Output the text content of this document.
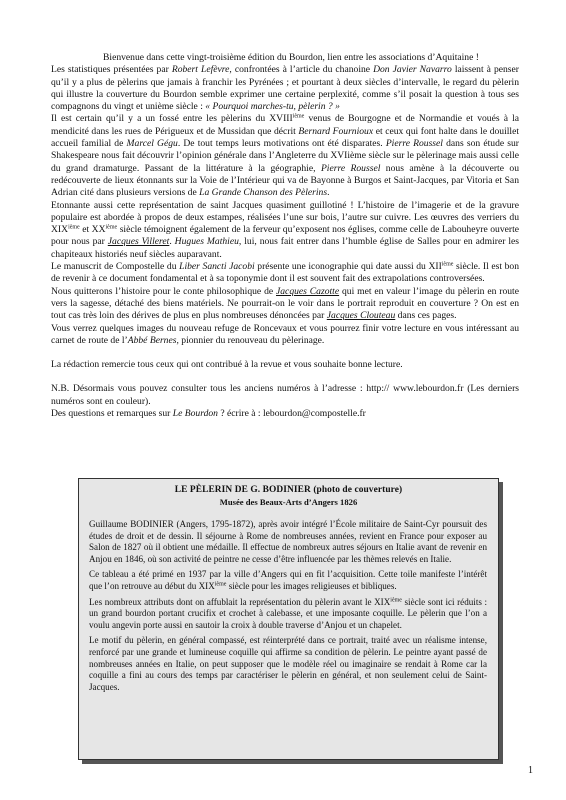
Bienvenue dans cette vingt-troisième édition du Bourdon, lien entre les associations d’Aquitaine !

Les statistiques présentées par Robert Lefèvre, confrontées à l’article du chanoine Don Javier Navarro laissent à penser qu’il y a plus de pèlerins que jamais à franchir les Pyrénées ; et pourtant à deux siècles d’intervalle, le regard du pèlerin qui illustre la couverture du Bourdon semble exprimer une certaine perplexité, comme s’il posait la question à tous ses compagnons du vingt et unième siècle : « Pourquoi marches-tu, pèlerin ? »

Il est certain qu’il y a un fossé entre les pèlerins du XVIIIième venus de Bourgogne et de Normandie et voués à la mendicité dans les rues de Périgueux et de Mussidan que décrit Bernard Fournioux et ceux qui font halte dans le douillet accueil familial de Marcel Gégu. De tout temps leurs motivations ont été disparates. Pierre Roussel dans son étude sur Shakespeare nous fait découvrir l’opinion générale dans l’Angleterre du XVIième siècle sur le pèlerinage mais aussi celle du grand dramaturge. Passant de la littérature à la géographie, Pierre Roussel nous amène à la découverte ou redécouverte de lieux étonnants sur la Voie de l’Intérieur qui va de Bayonne à Burgos et Saint-Jacques, par Vitoria et San Adrian cité dans plusieurs versions de La Grande Chanson des Pèlerins.

Etonnante aussi cette représentation de saint Jacques quasiment guillotiné ! L’histoire de l’imagerie et de la gravure populaire est abordée à propos de deux estampes, réalisées l’une sur bois, l’autre sur cuivre. Les œuvres des verriers du XIXième et XXième siècle témoignent également de la ferveur qu’exposent nos églises, comme celle de Labouheyre ouverte pour nous par Jacques Villeret. Hugues Mathieu, lui, nous fait entrer dans l’humble église de Salles pour en admirer les chapiteaux historiés neuf siècles auparavant.

Le manuscrit de Compostelle du Liber Sancti Jacobi présente une iconographie qui date aussi du XIIième siècle. Il est bon de revenir à ce document fondamental et à sa toponymie dont il est souvent fait des extrapolations controversées.

Nous quitterons l’histoire pour le conte philosophique de Jacques Cazotte qui met en valeur l’image du pèlerin en route vers la sagesse, détaché des biens matériels. Ne pourrait-on le voir dans le portrait reproduit en couverture ? On est en tout cas très loin des dérives de plus en plus nombreuses dénoncées par Jacques Clouteau dans ces pages.

Vous verrez quelques images du nouveau refuge de Roncevaux et vous pourrez finir votre lecture en vous intéressant au carnet de route de l’Abbé Bernes, pionnier du renouveau du pèlerinage.

La rédaction remercie tous ceux qui ont contribué à la revue et vous souhaite bonne lecture.

N.B. Désormais vous pouvez consulter tous les anciens numéros à l’adresse : http:// www.lebourdon.fr (Les derniers numéros sont en couleur).

Des questions et remarques sur Le Bourdon ? écrire à : lebourdon@compostelle.fr

LE PÈLERIN DE G. BODINIER (photo de couverture)
Musée des Beaux-Arts d’Angers 1826

Guillaume BODINIER (Angers, 1795-1872), après avoir intégré l’École militaire de Saint-Cyr poursuit des études de droit et de dessin. Il séjourne à Rome de nombreuses années, revient en France pour exposer au Salon de 1827 où il obtient une médaille. Il effectue de nombreux autres séjours en Italie avant de revenir en Anjou en 1846, où son activité de peintre ne cesse d’être influencée par les thèmes relevés en Italie.

Ce tableau a été primé en 1937 par la ville d’Angers qui en fit l’acquisition. Cette toile manifeste l’intérêt que l’on retrouve au début du XIXième siècle pour les images religieuses et bibliques.

Les nombreux attributs dont on affublait la représentation du pèlerin avant le XIXième siècle sont ici réduits : un grand bourdon portant crucifix et crochet à calebasse, et une imposante coquille. Le pèlerin que l’on a voulu angevin porte aussi en sautoir la croix à double traverse d’Anjou et un chapelet.

Le motif du pèlerin, en général compassé, est réinterprété dans ce portrait, traité avec un réalisme intense, renforcé par une grande et lumineuse coquille qui affirme sa condition de pèlerin. Le peintre ayant passé de nombreuses années en Italie, on peut supposer que le modèle réel ou imaginaire se rendait à Rome car la coquille a fini au cours des temps par caractériser le pèlerin en général, et non seulement celui de Saint-Jacques.

1
